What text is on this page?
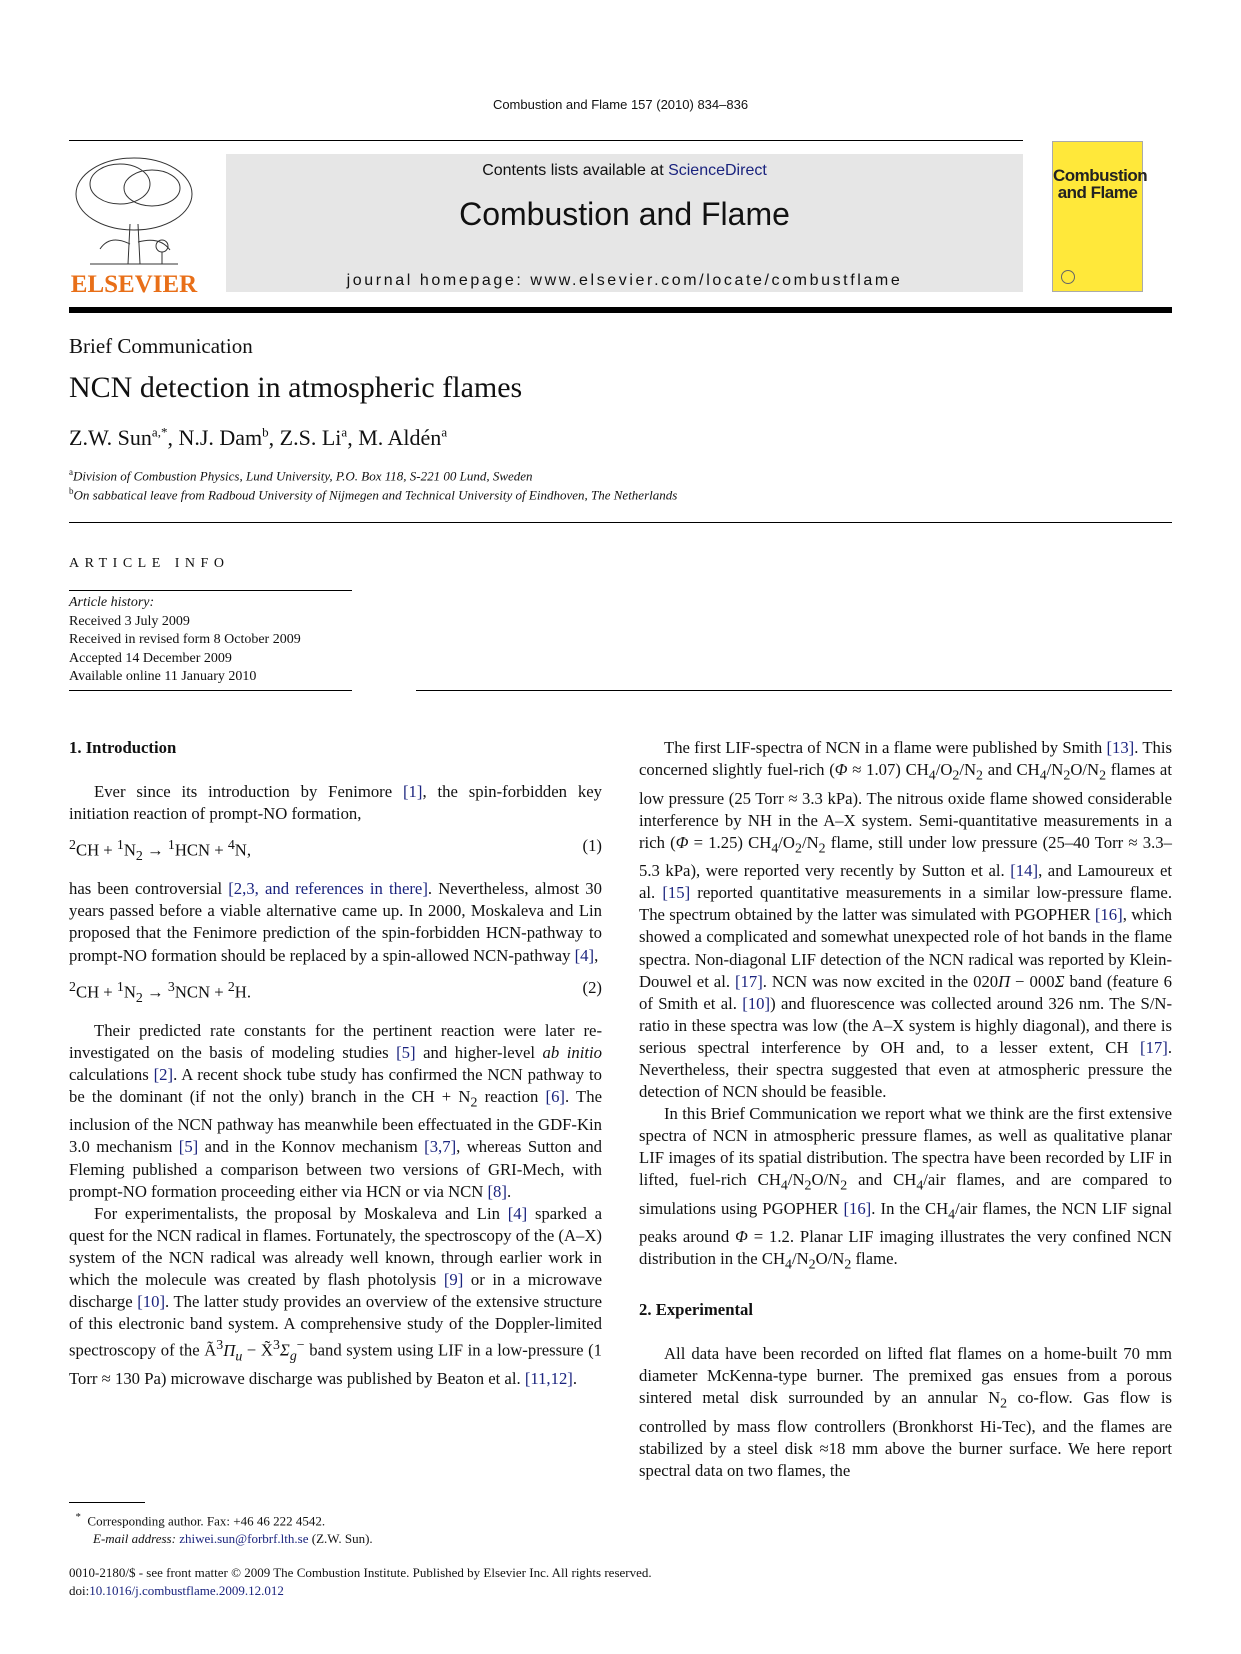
Combustion and Flame 157 (2010) 834–836
ELSEVIER
Contents lists available at ScienceDirect
Combustion and Flame
journal homepage: www.elsevier.com/locate/combustflame
Combustion
and Flame
Brief Communication
NCN detection in atmospheric flames
Z.W. Sun$^{a,*}$, N.J. Dam$^b$, Z.S. Li$^a$, M. Aldén$^a$
$^a$Division of Combustion Physics, Lund University, P.O. Box 118, S-221 00 Lund, Sweden
$^b$On sabbatical leave from Radboud University of Nijmegen and Technical University of Eindhoven, The Netherlands
ARTICLE INFO
Article history:
Received 3 July 2009
Received in revised form 8 October 2009
Accepted 14 December 2009
Available online 11 January 2010

1. Introduction

Ever since its introduction by Fenimore [1], the spin-forbidden key initiation reaction of prompt-NO formation,

$^2CH + ^1N_2 \to ^1HCN + ^4N$,	(1)

has been controversial [2,3, and references in there]. Nevertheless, almost 30 years passed before a viable alternative came up. In 2000, Moskaleva and Lin proposed that the Fenimore prediction of the spin-forbidden HCN-pathway to prompt-NO formation should be replaced by a spin-allowed NCN-pathway [4],

$^2CH + ^1N_2 \to ^3NCN + ^2H$.	(2)

Their predicted rate constants for the pertinent reaction were later re-investigated on the basis of modeling studies [5] and higher-level ab initio calculations [2]. A recent shock tube study has confirmed the NCN pathway to be the dominant (if not the only) branch in the CH + $N_2$ reaction [6]. The inclusion of the NCN pathway has meanwhile been effectuated in the GDF-Kin 3.0 mechanism [5] and in the Konnov mechanism [3,7], whereas Sutton and Fleming published a comparison between two versions of GRI-Mech, with prompt-NO formation proceeding either via HCN or via NCN [8].

For experimentalists, the proposal by Moskaleva and Lin [4] sparked a quest for the NCN radical in flames. Fortunately, the spectroscopy of the (A–X) system of the NCN radical was already well known, through earlier work in which the molecule was created by flash photolysis [9] or in a microwave discharge [10]. The latter study provides an overview of the extensive structure of this electronic band system. A comprehensive study of the Doppler-limited spectroscopy of the $Ã^3\Pi_u$ − $X̃^3\Sigma_g^-$ band system using LIF in a low-pressure (1 Torr ≈ 130 Pa) microwave discharge was published by Beaton et al. [11,12].

The first LIF-spectra of NCN in a flame were published by Smith [13]. This concerned slightly fuel-rich (Φ ≈ 1.07) $CH_4/O_2/N_2$ and $CH_4/N_2O/N_2$ flames at low pressure (25 Torr ≈ 3.3 kPa). The nitrous oxide flame showed considerable interference by NH in the A–X system. Semi-quantitative measurements in a rich (Φ = 1.25) $CH_4/O_2/N_2$ flame, still under low pressure (25–40 Torr ≈ 3.3–5.3 kPa), were reported very recently by Sutton et al. [14], and Lamoureux et al. [15] reported quantitative measurements in a similar low-pressure flame. The spectrum obtained by the latter was simulated with PGOPHER [16], which showed a complicated and somewhat unexpected role of hot bands in the flame spectra. Non-diagonal LIF detection of the NCN radical was reported by Klein-Douwel et al. [17]. NCN was now excited in the 020Π − 000Σ band (feature 6 of Smith et al. [10]) and fluorescence was collected around 326 nm. The S/N-ratio in these spectra was low (the A–X system is highly diagonal), and there is serious spectral interference by OH and, to a lesser extent, CH [17]. Nevertheless, their spectra suggested that even at atmospheric pressure the detection of NCN should be feasible.

In this Brief Communication we report what we think are the first extensive spectra of NCN in atmospheric pressure flames, as well as qualitative planar LIF images of its spatial distribution. The spectra have been recorded by LIF in lifted, fuel-rich $CH_4/N_2O/N_2$ and $CH_4$/air flames, and are compared to simulations using PGOPHER [16]. In the $CH_4$/air flames, the NCN LIF signal peaks around Φ = 1.2. Planar LIF imaging illustrates the very confined NCN distribution in the $CH_4/N_2O/N_2$ flame.

2. Experimental

All data have been recorded on lifted flat flames on a home-built 70 mm diameter McKenna-type burner. The premixed gas ensues from a porous sintered metal disk surrounded by an annular $N_2$ co-flow. Gas flow is controlled by mass flow controllers (Bronkhorst Hi-Tec), and the flames are stabilized by a steel disk ≈18 mm above the burner surface. We here report spectral data on two flames, the

* Corresponding author. Fax: +46 46 222 4542.
E-mail address: zhiwei.sun@forbrf.lth.se (Z.W. Sun).
0010-2180/$ - see front matter © 2009 The Combustion Institute. Published by Elsevier Inc. All rights reserved.
doi:10.1016/j.combustflame.2009.12.012
